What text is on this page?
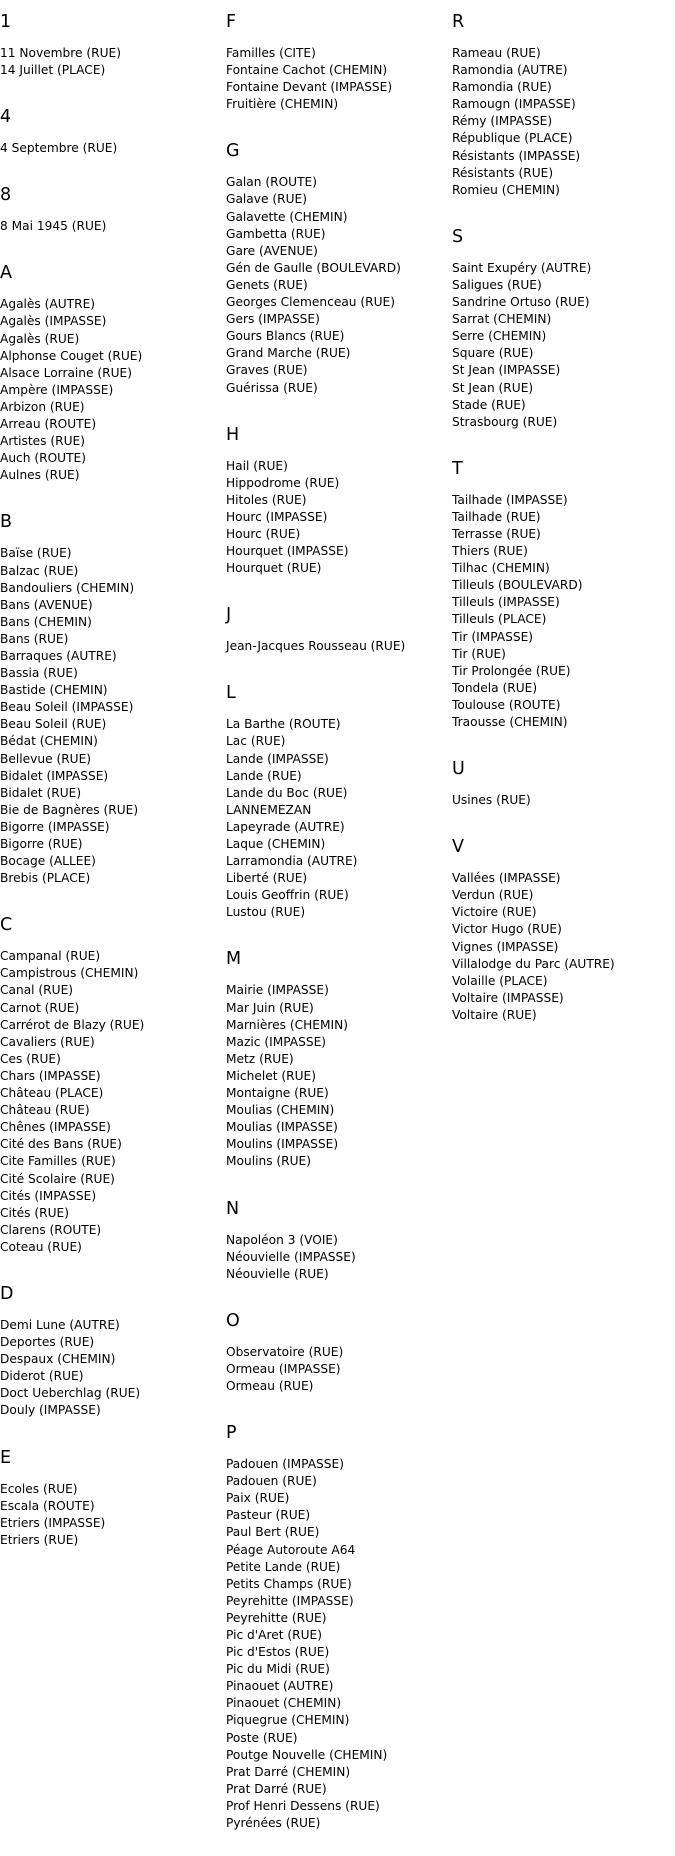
1
11 Novembre (RUE)
14 Juillet (PLACE)
4
4 Septembre (RUE)
8
8 Mai 1945 (RUE)
A
Agalès (AUTRE)
Agalès (IMPASSE)
Agalès (RUE)
Alphonse Couget (RUE)
Alsace Lorraine (RUE)
Ampère (IMPASSE)
Arbizon (RUE)
Arreau (ROUTE)
Artistes (RUE)
Auch (ROUTE)
Aulnes (RUE)
B
Baïse (RUE)
Balzac (RUE)
Bandouliers (CHEMIN)
Bans (AVENUE)
Bans (CHEMIN)
Bans (RUE)
Barraques (AUTRE)
Bassia (RUE)
Bastide (CHEMIN)
Beau Soleil (IMPASSE)
Beau Soleil (RUE)
Bédat (CHEMIN)
Bellevue (RUE)
Bidalet (IMPASSE)
Bidalet (RUE)
Bie de Bagnères (RUE)
Bigorre (IMPASSE)
Bigorre (RUE)
Bocage (ALLEE)
Brebis (PLACE)
C
Campanal (RUE)
Campistrous (CHEMIN)
Canal (RUE)
Carnot (RUE)
Carrérot de Blazy (RUE)
Cavaliers (RUE)
Ces (RUE)
Chars (IMPASSE)
Château (PLACE)
Château (RUE)
Chênes (IMPASSE)
Cité des Bans (RUE)
Cite Familles (RUE)
Cité Scolaire (RUE)
Cités (IMPASSE)
Cités (RUE)
Clarens (ROUTE)
Coteau (RUE)
D
Demi Lune (AUTRE)
Deportes (RUE)
Despaux (CHEMIN)
Diderot (RUE)
Doct Ueberchlag (RUE)
Douly (IMPASSE)
E
Ecoles (RUE)
Escala (ROUTE)
Etriers (IMPASSE)
Etriers (RUE)
F
Familles (CITE)
Fontaine Cachot (CHEMIN)
Fontaine Devant (IMPASSE)
Fruitière (CHEMIN)
G
Galan (ROUTE)
Galave (RUE)
Galavette (CHEMIN)
Gambetta (RUE)
Gare (AVENUE)
Gén de Gaulle (BOULEVARD)
Genets (RUE)
Georges Clemenceau (RUE)
Gers (IMPASSE)
Gours Blancs (RUE)
Grand Marche (RUE)
Graves (RUE)
Guérissa (RUE)
H
Hail (RUE)
Hippodrome (RUE)
Hitoles (RUE)
Hourc (IMPASSE)
Hourc (RUE)
Hourquet (IMPASSE)
Hourquet (RUE)
J
Jean-Jacques Rousseau (RUE)
L
La Barthe (ROUTE)
Lac (RUE)
Lande (IMPASSE)
Lande (RUE)
Lande du Boc (RUE)
LANNEMEZAN
Lapeyrade (AUTRE)
Laque (CHEMIN)
Larramondia (AUTRE)
Liberté (RUE)
Louis Geoffrin (RUE)
Lustou (RUE)
M
Mairie (IMPASSE)
Mar Juin (RUE)
Marnières (CHEMIN)
Mazic (IMPASSE)
Metz (RUE)
Michelet (RUE)
Montaigne (RUE)
Moulias (CHEMIN)
Moulias (IMPASSE)
Moulins (IMPASSE)
Moulins (RUE)
N
Napoléon 3 (VOIE)
Néouvielle (IMPASSE)
Néouvielle (RUE)
O
Observatoire (RUE)
Ormeau (IMPASSE)
Ormeau (RUE)
P
Padouen (IMPASSE)
Padouen (RUE)
Paix (RUE)
Pasteur (RUE)
Paul Bert (RUE)
Péage Autoroute A64
Petite Lande (RUE)
Petits Champs (RUE)
Peyrehitte (IMPASSE)
Peyrehitte (RUE)
Pic d'Aret (RUE)
Pic d'Estos (RUE)
Pic du Midi (RUE)
Pinaouet (AUTRE)
Pinaouet (CHEMIN)
Piquegrue (CHEMIN)
Poste (RUE)
Poutge Nouvelle (CHEMIN)
Prat Darré (CHEMIN)
Prat Darré (RUE)
Prof Henri Dessens (RUE)
Pyrénées (RUE)
R
Rameau (RUE)
Ramondia (AUTRE)
Ramondia (RUE)
Ramougn (IMPASSE)
Rémy (IMPASSE)
République (PLACE)
Résistants (IMPASSE)
Résistants (RUE)
Romieu (CHEMIN)
S
Saint Exupéry (AUTRE)
Saligues (RUE)
Sandrine Ortuso (RUE)
Sarrat (CHEMIN)
Serre (CHEMIN)
Square (RUE)
St Jean (IMPASSE)
St Jean (RUE)
Stade (RUE)
Strasbourg (RUE)
T
Tailhade (IMPASSE)
Tailhade (RUE)
Terrasse (RUE)
Thiers (RUE)
Tilhac (CHEMIN)
Tilleuls (BOULEVARD)
Tilleuls (IMPASSE)
Tilleuls (PLACE)
Tir (IMPASSE)
Tir (RUE)
Tir Prolongée (RUE)
Tondela (RUE)
Toulouse (ROUTE)
Traousse (CHEMIN)
U
Usines (RUE)
V
Vallées (IMPASSE)
Verdun (RUE)
Victoire (RUE)
Victor Hugo (RUE)
Vignes (IMPASSE)
Villalodge du Parc (AUTRE)
Volaille (PLACE)
Voltaire (IMPASSE)
Voltaire (RUE)
